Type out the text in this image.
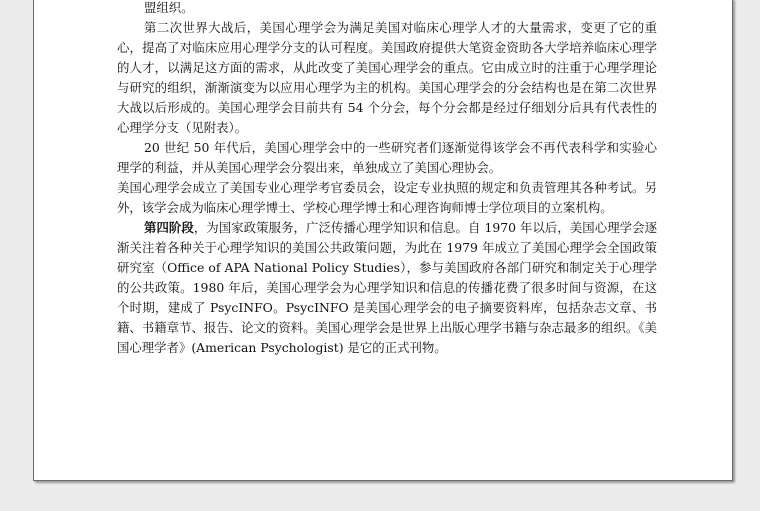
盟组织。

第二次世界大战后，美国心理学会为满足美国对临床心理学人才的大量需求，变更了它的重心，提高了对临床应用心理学分支的认可程度。美国政府提供大笔资金资助各大学培养临床心理学的人才，以满足这方面的需求，从此改变了美国心理学会的重点。它由成立时的注重于心理学理论与研究的组织，渐渐演变为以应用心理学为主的机构。美国心理学会的分会结构也是在第二次世界大战以后形成的。美国心理学会目前共有 54 个分会，每个分会都是经过仔细划分后具有代表性的心理学分支（见附表）。

20 世纪 50 年代后，美国心理学会中的一些研究者们逐渐觉得该学会不再代表科学和实验心理学的利益，并从美国心理学会分裂出来，单独成立了美国心理协会。

美国心理学会成立了美国专业心理学考官委员会，设定专业执照的规定和负责管理其各种考试。另外，该学会成为临床心理学博士、学校心理学博士和心理咨询师博士学位项目的立案机构。

第四阶段，为国家政策服务，广泛传播心理学知识和信息。自 1970 年以后，美国心理学会逐渐关注着各种关于心理学知识的美国公共政策问题，为此在 1979 年成立了美国心理学会全国政策研究室（Office of APA National Policy Studies），参与美国政府各部门研究和制定关于心理学的公共政策。1980 年后，美国心理学会为心理学知识和信息的传播花费了很多时间与资源，在这个时期，建成了 PsycINFO。PsycINFO 是美国心理学会的电子摘要资料库，包括杂志文章、书籍、书籍章节、报告、论文的资料。美国心理学会是世界上出版心理学书籍与杂志最多的组织。《美国心理学者》(American Psychologist) 是它的正式刊物。
